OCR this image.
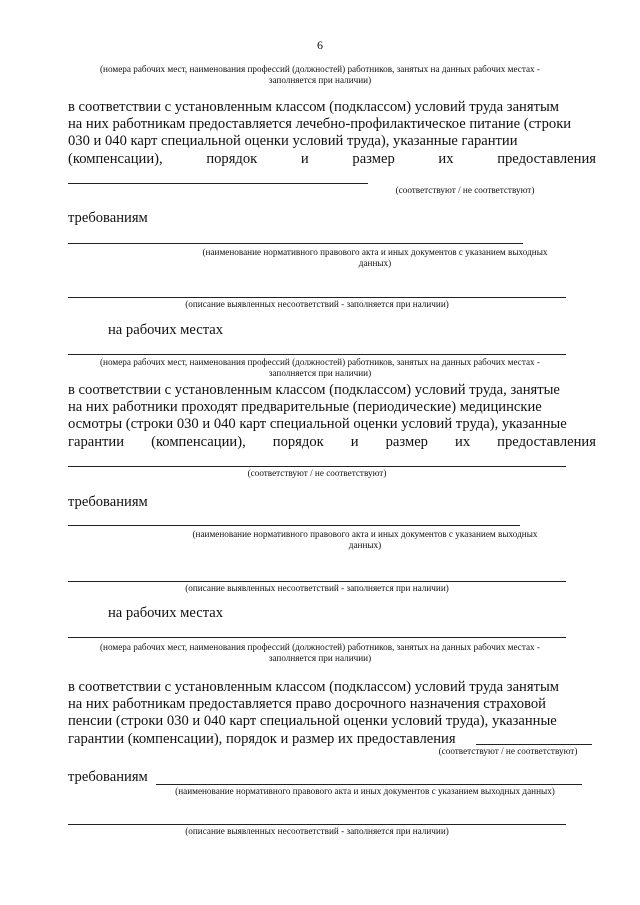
6
(номера рабочих мест, наименования профессий (должностей) работников, занятых на данных рабочих местах -
заполняется при наличии)
в соответствии с установленным классом (подклассом) условий труда занятым
на них работникам предоставляется лечебно-профилактическое питание (строки
030 и 040 карт специальной оценки условий труда), указанные гарантии
(компенсации),	порядок	и	размер	их	предоставления
(соответствуют / не соответствуют)
требованиям
(наименование нормативного правового акта и иных документов с указанием выходных
данных)
(описание выявленных несоответствий - заполняется при наличии)
на рабочих местах
(номера рабочих мест, наименования профессий (должностей) работников, занятых на данных рабочих местах -
заполняется при наличии)
в соответствии с установленным классом (подклассом) условий труда, занятые
на них работники проходят предварительные (периодические) медицинские
осмотры (строки 030 и 040 карт специальной оценки условий труда), указанные
гарантии (компенсации), порядок и размер их предоставления
(соответствуют / не соответствуют)
требованиям
(наименование нормативного правового акта и иных документов с указанием выходных
данных)
(описание выявленных несоответствий - заполняется при наличии)
на рабочих местах
(номера рабочих мест, наименования профессий (должностей) работников, занятых на данных рабочих местах -
заполняется при наличии)
в соответствии с установленным классом (подклассом) условий труда занятым
на них работникам предоставляется право досрочного назначения страховой
пенсии (строки 030 и 040 карт специальной оценки условий труда), указанные
гарантии (компенсации), порядок и размер их предоставления
(соответствуют / не соответствуют)
требованиям
(наименование нормативного правового акта и иных документов с указанием выходных данных)
(описание выявленных несоответствий - заполняется при наличии)
